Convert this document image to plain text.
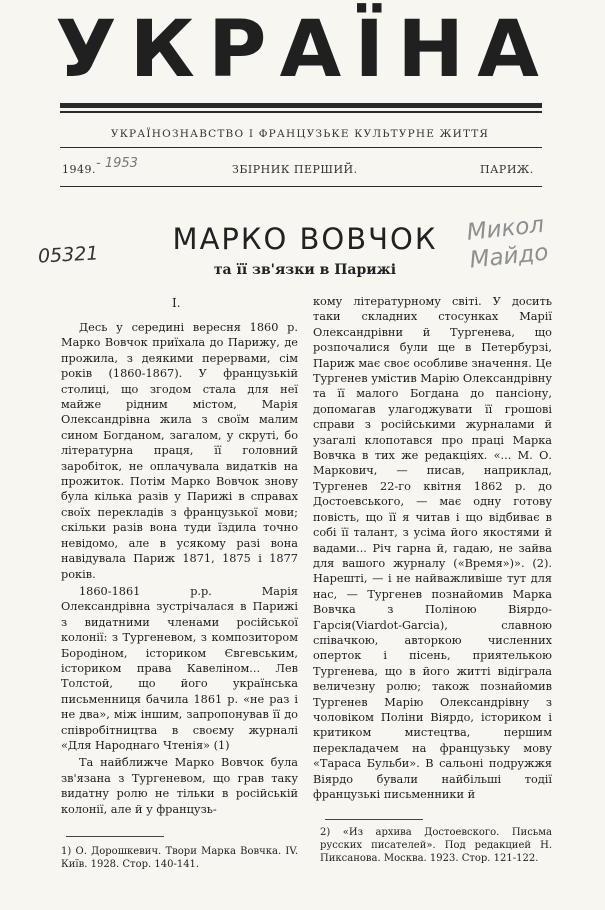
УКРАЇНА
УКРАЇНОЗНАВСТВО І ФРАНЦУЗЬКЕ КУЛЬТУРНЕ ЖИТТЯ
1949. - 1953	ЗБІРНИК ПЕРШИЙ.	ПАРИЖ.
05321
Микол Майдо
МАРКО ВОВЧОК
та її зв'язки в Парижі
І.

Десь у середині вересня 1860 р. Марко Вовчок приїхала до Парижу, де прожила, з деякими перервами, сім років (1860-1867). У французькій столиці, що згодом стала для неї майже рідним містом, Марія Олександрівна жила з своїм малим сином Богданом, загалом, у скруті, бо літературна праця, її головний заробіток, не оплачувала видатків на прожиток. Потім Марко Вовчок знову була кілька разів у Парижі в справах своїх перекладів з французької мови; скільки разів вона туди їздила точно невідомо, але в усякому разі вона навідувала Париж 1871, 1875 і 1877 років.

1860-1861 р.р. Марія Олександрівна зустрічалася в Парижі з видатними членами російської колонії: з Тургеневом, з композитором Бородіном, істориком Євгевським, істориком права Кавеліном... Лев Толстой, що його українська письменниця бачила 1861 р. «не раз і не два», між іншим, запропонував її до співробітництва в своєму журналі «Для Народнаго Чтенія» (1)

Та найближче Марко Вовчок була зв'язана з Тургеневом, що грав таку видатну ролю не тільки в російській колонії, але й у французь-

кому літературному світі. У досить таки складних стосунках Марії Олександрівни й Тургенева, що розпочалися були ще в Петербурзі, Париж має своє особливе значення. Це Тургенев умістив Марію Олександрівну та її малого Богдана до пансіону, допомагав улагоджувати її грошові справи з російськими журналами й узагалі клопотався про праці Марка Вовчка в тих же редакціях. «... М. О. Маркович, — писав, наприклад, Тургенев 22-го квітня 1862 р. до Достоевського, — має одну готову повість, що її я читав і що відбиває в собі її талант, з усіма його якостями й вадами... Річ гарна й, гадаю, не зайва для вашого журналу («Время»)». (2). Нарешті, — і не найважливіше тут для нас, — Тургенев познайомив Марка Вовчка з Поліною Віярдо-Гарсія(Viardot-Garcia), славною співачкою, авторкою численних оперток і пісень, приятелькою Тургенева, що в його житті відіграла величезну ролю; також познайомив Тургенев Марію Олександрівну з чоловіком Поліни Віярдо, істориком і критиком мистецтва, першим перекладачем на французьку мову «Тараса Бульби». В сальоні подружжя Віярдо бували найбільші тодії французькі письменники й

1) О. Дорошкевич. Твори Марка Вовчка. IV. Київ. 1928. Стор. 140-141.
2) «Из архива Достоевского. Письма русских писателей». Под редакцией Н. Пиксанова. Москва. 1923. Стор. 121-122.
